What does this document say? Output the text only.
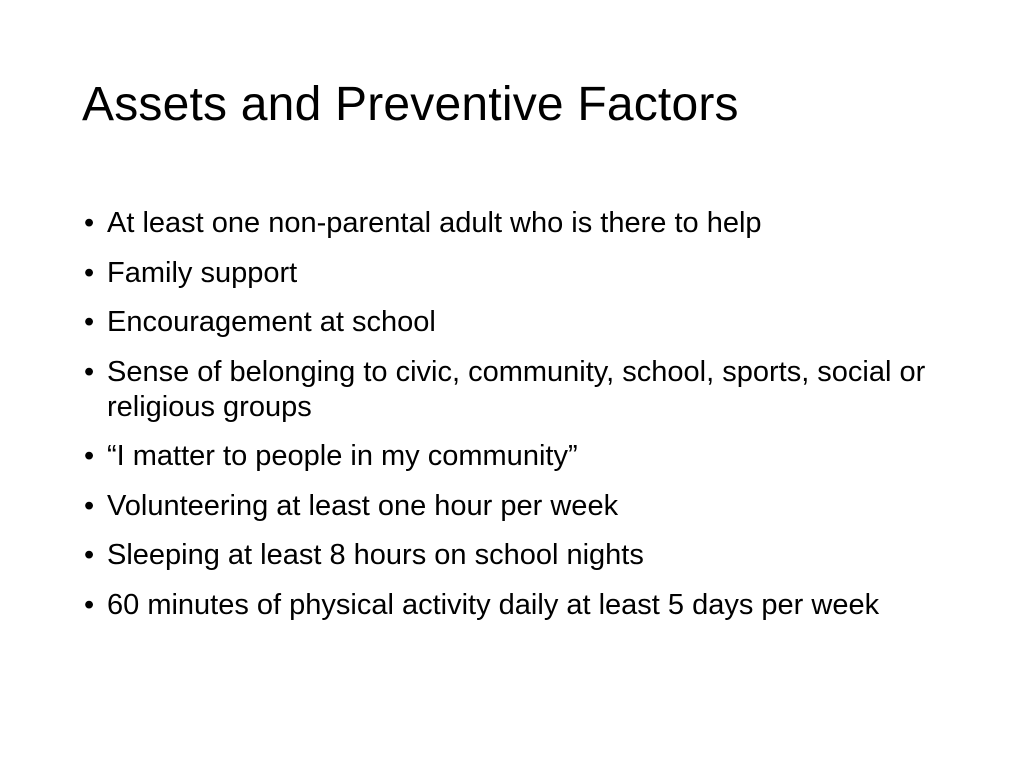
Assets and Preventive Factors
• At least one non-parental adult who is there to help
• Family support
• Encouragement at school
• Sense of belonging to civic, community, school, sports, social or religious groups
• “I matter to people in my community”
• Volunteering at least one hour per week
• Sleeping at least 8 hours on school nights
• 60 minutes of physical activity daily at least 5 days per week
